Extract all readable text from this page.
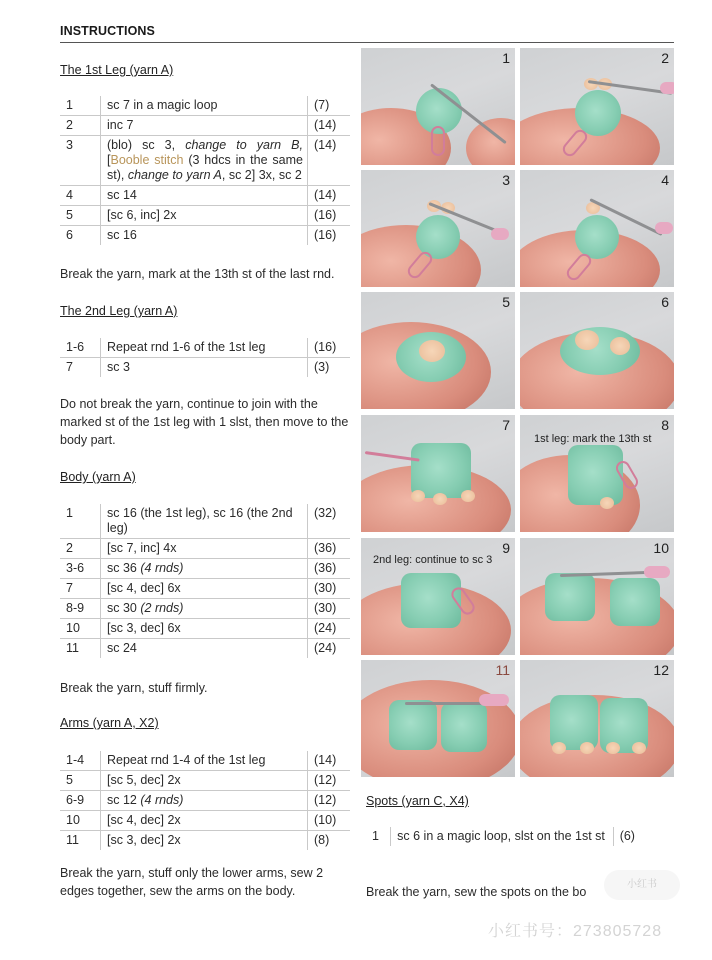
INSTRUCTIONS
The 1st Leg (yarn A)
1	sc 7 in a magic loop	(7)
2	inc 7	(14)
3	(blo) sc 3, change to yarn B, [Booble stitch (3 hdcs in the same st), change to yarn A, sc 2] 3x, sc 2	(14)
4	sc 14	(14)
5	[sc 6, inc] 2x	(16)
6	sc 16	(16)
Break the yarn, mark at the 13th st of the last rnd.
The 2nd Leg (yarn A)
1-6	Repeat rnd 1-6 of the 1st leg	(16)
7	sc 3	(3)
Do not break the yarn, continue to join with the marked st of the 1st leg with 1 slst, then move to the body part.
Body (yarn A)
1	sc 16 (the 1st leg), sc 16 (the 2nd leg)	(32)
2	[sc 7, inc] 4x	(36)
3-6	sc 36 (4 rnds)	(36)
7	[sc 4, dec] 6x	(30)
8-9	sc 30 (2 rnds)	(30)
10	[sc 3, dec] 6x	(24)
11	sc 24	(24)
Break the yarn, stuff firmly.
Arms (yarn A, X2)
1-4	Repeat rnd 1-4 of the 1st leg	(14)
5	[sc 5, dec] 2x	(12)
6-9	sc 12 (4 rnds)	(12)
10	[sc 4, dec] 2x	(10)
11	[sc 3, dec] 2x	(8)
Break the yarn, stuff only the lower arms, sew 2 edges together, sew the arms on the body.
Spots (yarn C, X4)
1	sc 6 in a magic loop, slst on the 1st st	(6)
Break the yarn, sew the spots on the bo
1	2
3	4
5	6
7	8
1st leg: mark the 13th st
9
2nd leg: continue to sc 3
10
11	12
小红书
小红书号：273805728
